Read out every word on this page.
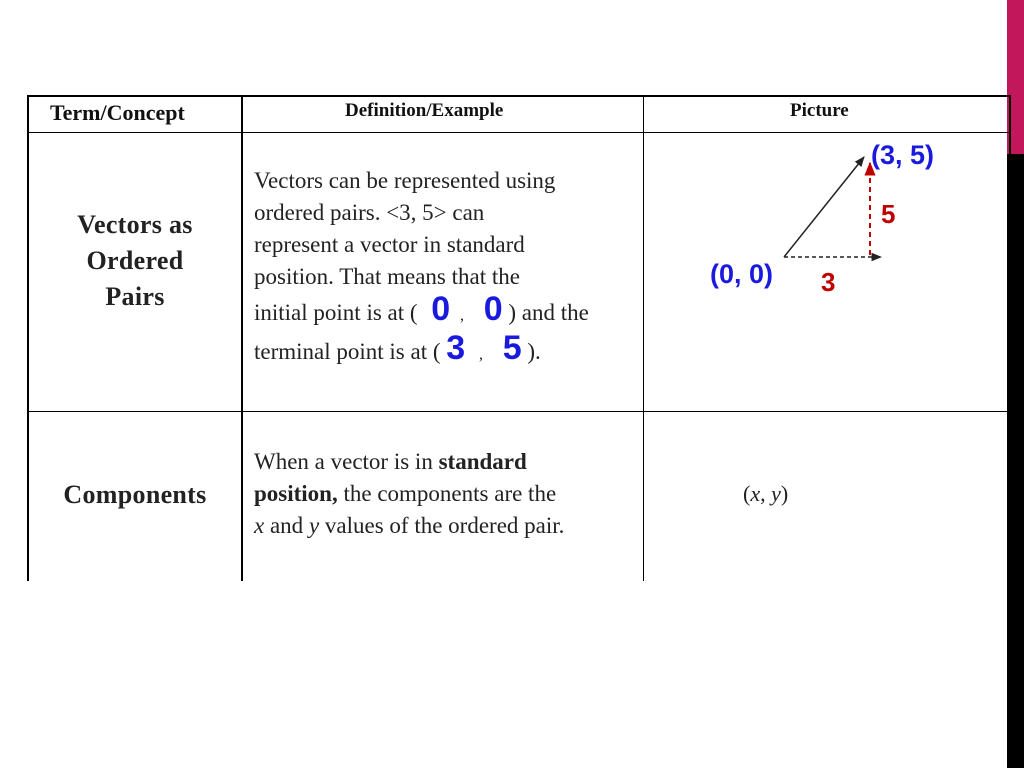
Term/Concept	Definition/Example	Picture
Vectors as
Ordered
Pairs
Vectors can be represented using
ordered pairs. <3, 5> can
represent a vector in standard
position. That means that the
initial point is at ( 0 , 0 ) and the
terminal point is at ( 3 , 5 ).
(3, 5)
5
(0, 0) 3
Components
When a vector is in standard
position, the components are the
x and y values of the ordered pair.
(x, y)
